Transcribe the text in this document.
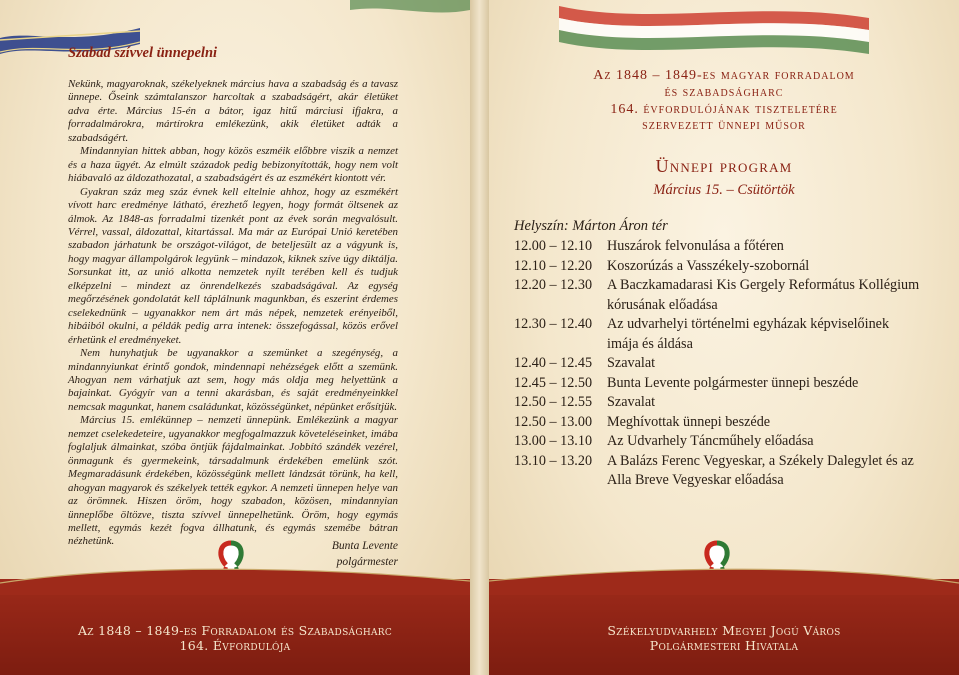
Szabad szívvel ünnepelni

Nekünk, magyaroknak, székelyeknek március hava a szabadság és a tavasz ünnepe. Őseink számtalanszor harcoltak a szabadságért, akár életüket adva érte. Március 15-én a bátor, igaz hitű márciusi ifjakra, a forradalmárokra, mártírokra emlékezünk, akik életüket adták a szabadságért.

Mindannyian hittek abban, hogy közös eszméik előbbre viszik a nemzet és a haza ügyét. Az elmúlt századok pedig bebizonyították, hogy nem volt hiábavaló az áldozathozatal, a szabadságért és az eszmékért kiontott vér.

Gyakran száz meg száz évnek kell eltelnie ahhoz, hogy az eszmékért vívott harc eredménye látható, érezhető legyen, hogy formát öltsenek az álmok. Az 1848-as forradalmi tizenkét pont az évek során megvalósult. Vérrel, vassal, áldozattal, kitartással. Ma már az Európai Unió keretében szabadon járhatunk be országot-világot, de beteljesült az a vágyunk is, hogy magyar állampolgárok legyünk – mindazok, kiknek szíve úgy diktálja. Sorsunkat itt, az unió alkotta nemzetek nyílt terében kell és tudjuk elképzelni – mindezt az önrendelkezés szabadságával. Az egység megőrzésének gondolatát kell táplálnunk magunkban, és eszerint érdemes cselekednünk – ugyanakkor nem árt más népek, nemzetek erényeiből, hibáiból okulni, a példák pedig arra intenek: összefogással, közös erővel érhetünk el eredményeket.

Nem hunyhatjuk be ugyanakkor a szemünket a szegénység, a mindannyiunkat érintő gondok, mindennapi nehézségek előtt a szemünk. Ahogyan nem várhatjuk azt sem, hogy más oldja meg helyettünk a bajainkat. Gyógyír van a tenni akarásban, és saját eredményeinkkel nemcsak magunkat, hanem családunkat, közösségünket, népünket erősítjük.

Március 15. emlékünnep – nemzeti ünnepünk. Emlékezünk a magyar nemzet cselekedeteire, ugyanakkor megfogalmazzuk követeléseinket, imába foglaljuk álmainkat, szóba öntjük fájdalmainkat. Jobbító szándék vezérel, önmagunk és gyermekeink, társadalmunk érdekében emelünk szót. Megmaradásunk érdekében, közösségünk mellett lándzsát törünk, ha kell, ahogyan magyarok és székelyek tették egykor. A nemzeti ünnepen helye van az örömnek. Hiszen öröm, hogy szabadon, közösen, mindannyian ünneplőbe öltözve, tiszta szívvel ünnepelhetünk. Öröm, hogy egymás mellett, egymás kezét fogva állhatunk, és egymás szemébe bátran nézhetünk.	Bunta Levente
polgármester
Az 1848 – 1849-es Forradalom és Szabadságharc
164. Évfordulója
Az 1848 – 1849-es magyar forradalom
és szabadságharc
164. évfordulójának tiszteletére
szervezett ünnepi műsor
Ünnepi program
Március 15. – Csütörtök
Helyszín: Márton Áron tér
12.00 – 12.10	Huszárok felvonulása a főtéren
12.10 – 12.20	Koszorúzás a Vasszékely-szobornál
12.20 – 12.30	A Baczkamadarasi Kis Gergely Református Kollégium kórusának előadása
12.30 – 12.40	Az udvarhelyi történelmi egyházak képviselőinek imája és áldása
12.40 – 12.45	Szavalat
12.45 – 12.50	Bunta Levente polgármester ünnepi beszéde
12.50 – 12.55	Szavalat
12.50 – 13.00	Meghívottak ünnepi beszéde
13.00 – 13.10	Az Udvarhely Táncműhely előadása
13.10 – 13.20	A Balázs Ferenc Vegyeskar, a Székely Dalegylet és az Alla Breve Vegyeskar előadása
Székelyudvarhely Megyei Jogú Város
Polgármesteri Hivatala
